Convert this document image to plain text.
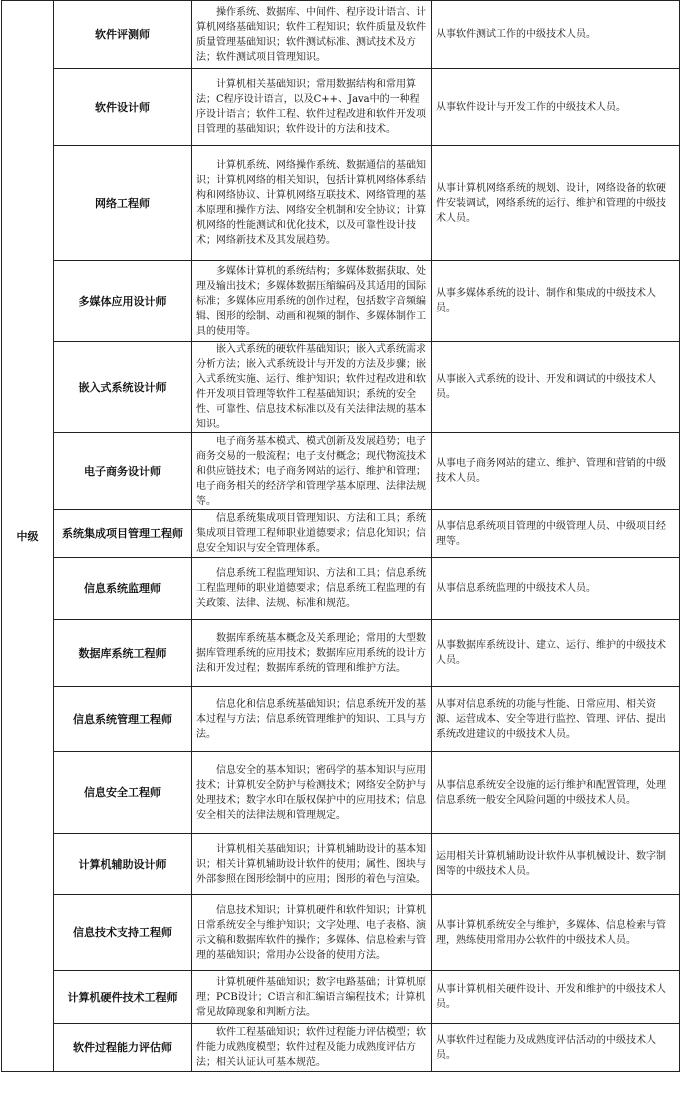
中级	软件评测师	操作系统、数据库、中间件、程序设计语言、计算机网络基础知识；软件工程知识；软件质量及软件质量管理基础知识；软件测试标准、测试技术及方法；软件测试项目管理知识。	从事软件测试工作的中级技术人员。
	软件设计师	计算机相关基础知识；常用数据结构和常用算法；C程序设计语言，以及C++、Java中的一种程序设计语言；软件工程、软件过程改进和软件开发项目管理的基础知识；软件设计的方法和技术。	从事软件设计与开发工作的中级技术人员。
	网络工程师	计算机系统、网络操作系统、数据通信的基础知识；计算机网络的相关知识，包括计算机网络体系结构和网络协议、计算机网络互联技术、网络管理的基本原理和操作方法、网络安全机制和安全协议；计算机网络的性能测试和优化技术，以及可靠性设计技术；网络新技术及其发展趋势。	从事计算机网络系统的规划、设计，网络设备的软硬件安装调试，网络系统的运行、维护和管理的中级技术人员。
	多媒体应用设计师	多媒体计算机的系统结构；多媒体数据获取、处理及输出技术；多媒体数据压缩编码及其适用的国际标准；多媒体应用系统的创作过程，包括数字音频编辑、图形的绘制、动画和视频的制作、多媒体制作工具的使用等。	从事多媒体系统的设计、制作和集成的中级技术人员。
	嵌入式系统设计师	嵌入式系统的硬软件基础知识；嵌入式系统需求分析方法；嵌入式系统设计与开发的方法及步骤；嵌入式系统实施、运行、维护知识；软件过程改进和软件开发项目管理等软件工程基础知识；系统的安全性、可靠性、信息技术标准以及有关法律法规的基本知识。	从事嵌入式系统的设计、开发和调试的中级技术人员。
	电子商务设计师	电子商务基本模式、模式创新及发展趋势；电子商务交易的一般流程；电子支付概念；现代物流技术和供应链技术；电子商务网站的运行、维护和管理；电子商务相关的经济学和管理学基本原理、法律法规等。	从事电子商务网站的建立、维护、管理和营销的中级技术人员。
	系统集成项目管理工程师	信息系统集成项目管理知识、方法和工具；系统集成项目管理工程师职业道德要求；信息化知识；信息安全知识与安全管理体系。	从事信息系统项目管理的中级管理人员、中级项目经理等。
	信息系统监理师	信息系统工程监理知识、方法和工具；信息系统工程监理师的职业道德要求；信息系统工程监理的有关政策、法律、法规、标准和规范。	从事信息系统监理的中级技术人员。
	数据库系统工程师	数据库系统基本概念及关系理论；常用的大型数据库管理系统的应用技术；数据库应用系统的设计方法和开发过程；数据库系统的管理和维护方法。	从事数据库系统设计、建立、运行、维护的中级技术人员。
	信息系统管理工程师	信息化和信息系统基础知识；信息系统开发的基本过程与方法；信息系统管理维护的知识、工具与方法。	从事对信息系统的功能与性能、日常应用、相关资源、运营成本、安全等进行监控、管理、评估、提出系统改进建议的中级技术人员。
	信息安全工程师	信息安全的基本知识；密码学的基本知识与应用技术；计算机安全防护与检测技术；网络安全防护与处理技术；数字水印在版权保护中的应用技术；信息安全相关的法律法规和管理规定。	从事信息系统安全设施的运行维护和配置管理，处理信息系统一般安全风险问题的中级技术人员。
	计算机辅助设计师	计算机相关基础知识；计算机辅助设计的基本知识；相关计算机辅助设计软件的使用；属性、图块与外部参照在图形绘制中的应用；图形的着色与渲染。	运用相关计算机辅助设计软件从事机械设计、数字制图等的中级技术人员。
	信息技术支持工程师	信息技术知识；计算机硬件和软件知识；计算机日常系统安全与维护知识；文字处理、电子表格、演示文稿和数据库软件的操作；多媒体、信息检索与管理的基础知识；常用办公设备的使用方法。	从事计算机系统安全与维护，多媒体、信息检索与管理，熟练使用常用办公软件的中级技术人员。
	计算机硬件技术工程师	计算机硬件基础知识；数字电路基础；计算机原理；PCB设计；C语言和汇编语言编程技术；计算机常见故障现象和判断方法。	从事计算机相关硬件设计、开发和维护的中级技术人员。
	软件过程能力评估师	软件工程基础知识；软件过程能力评估模型；软件能力成熟度模型；软件过程及能力成熟度评估方法；相关认证认可基本规范。	从事软件过程能力及成熟度评估活动的中级技术人员。
